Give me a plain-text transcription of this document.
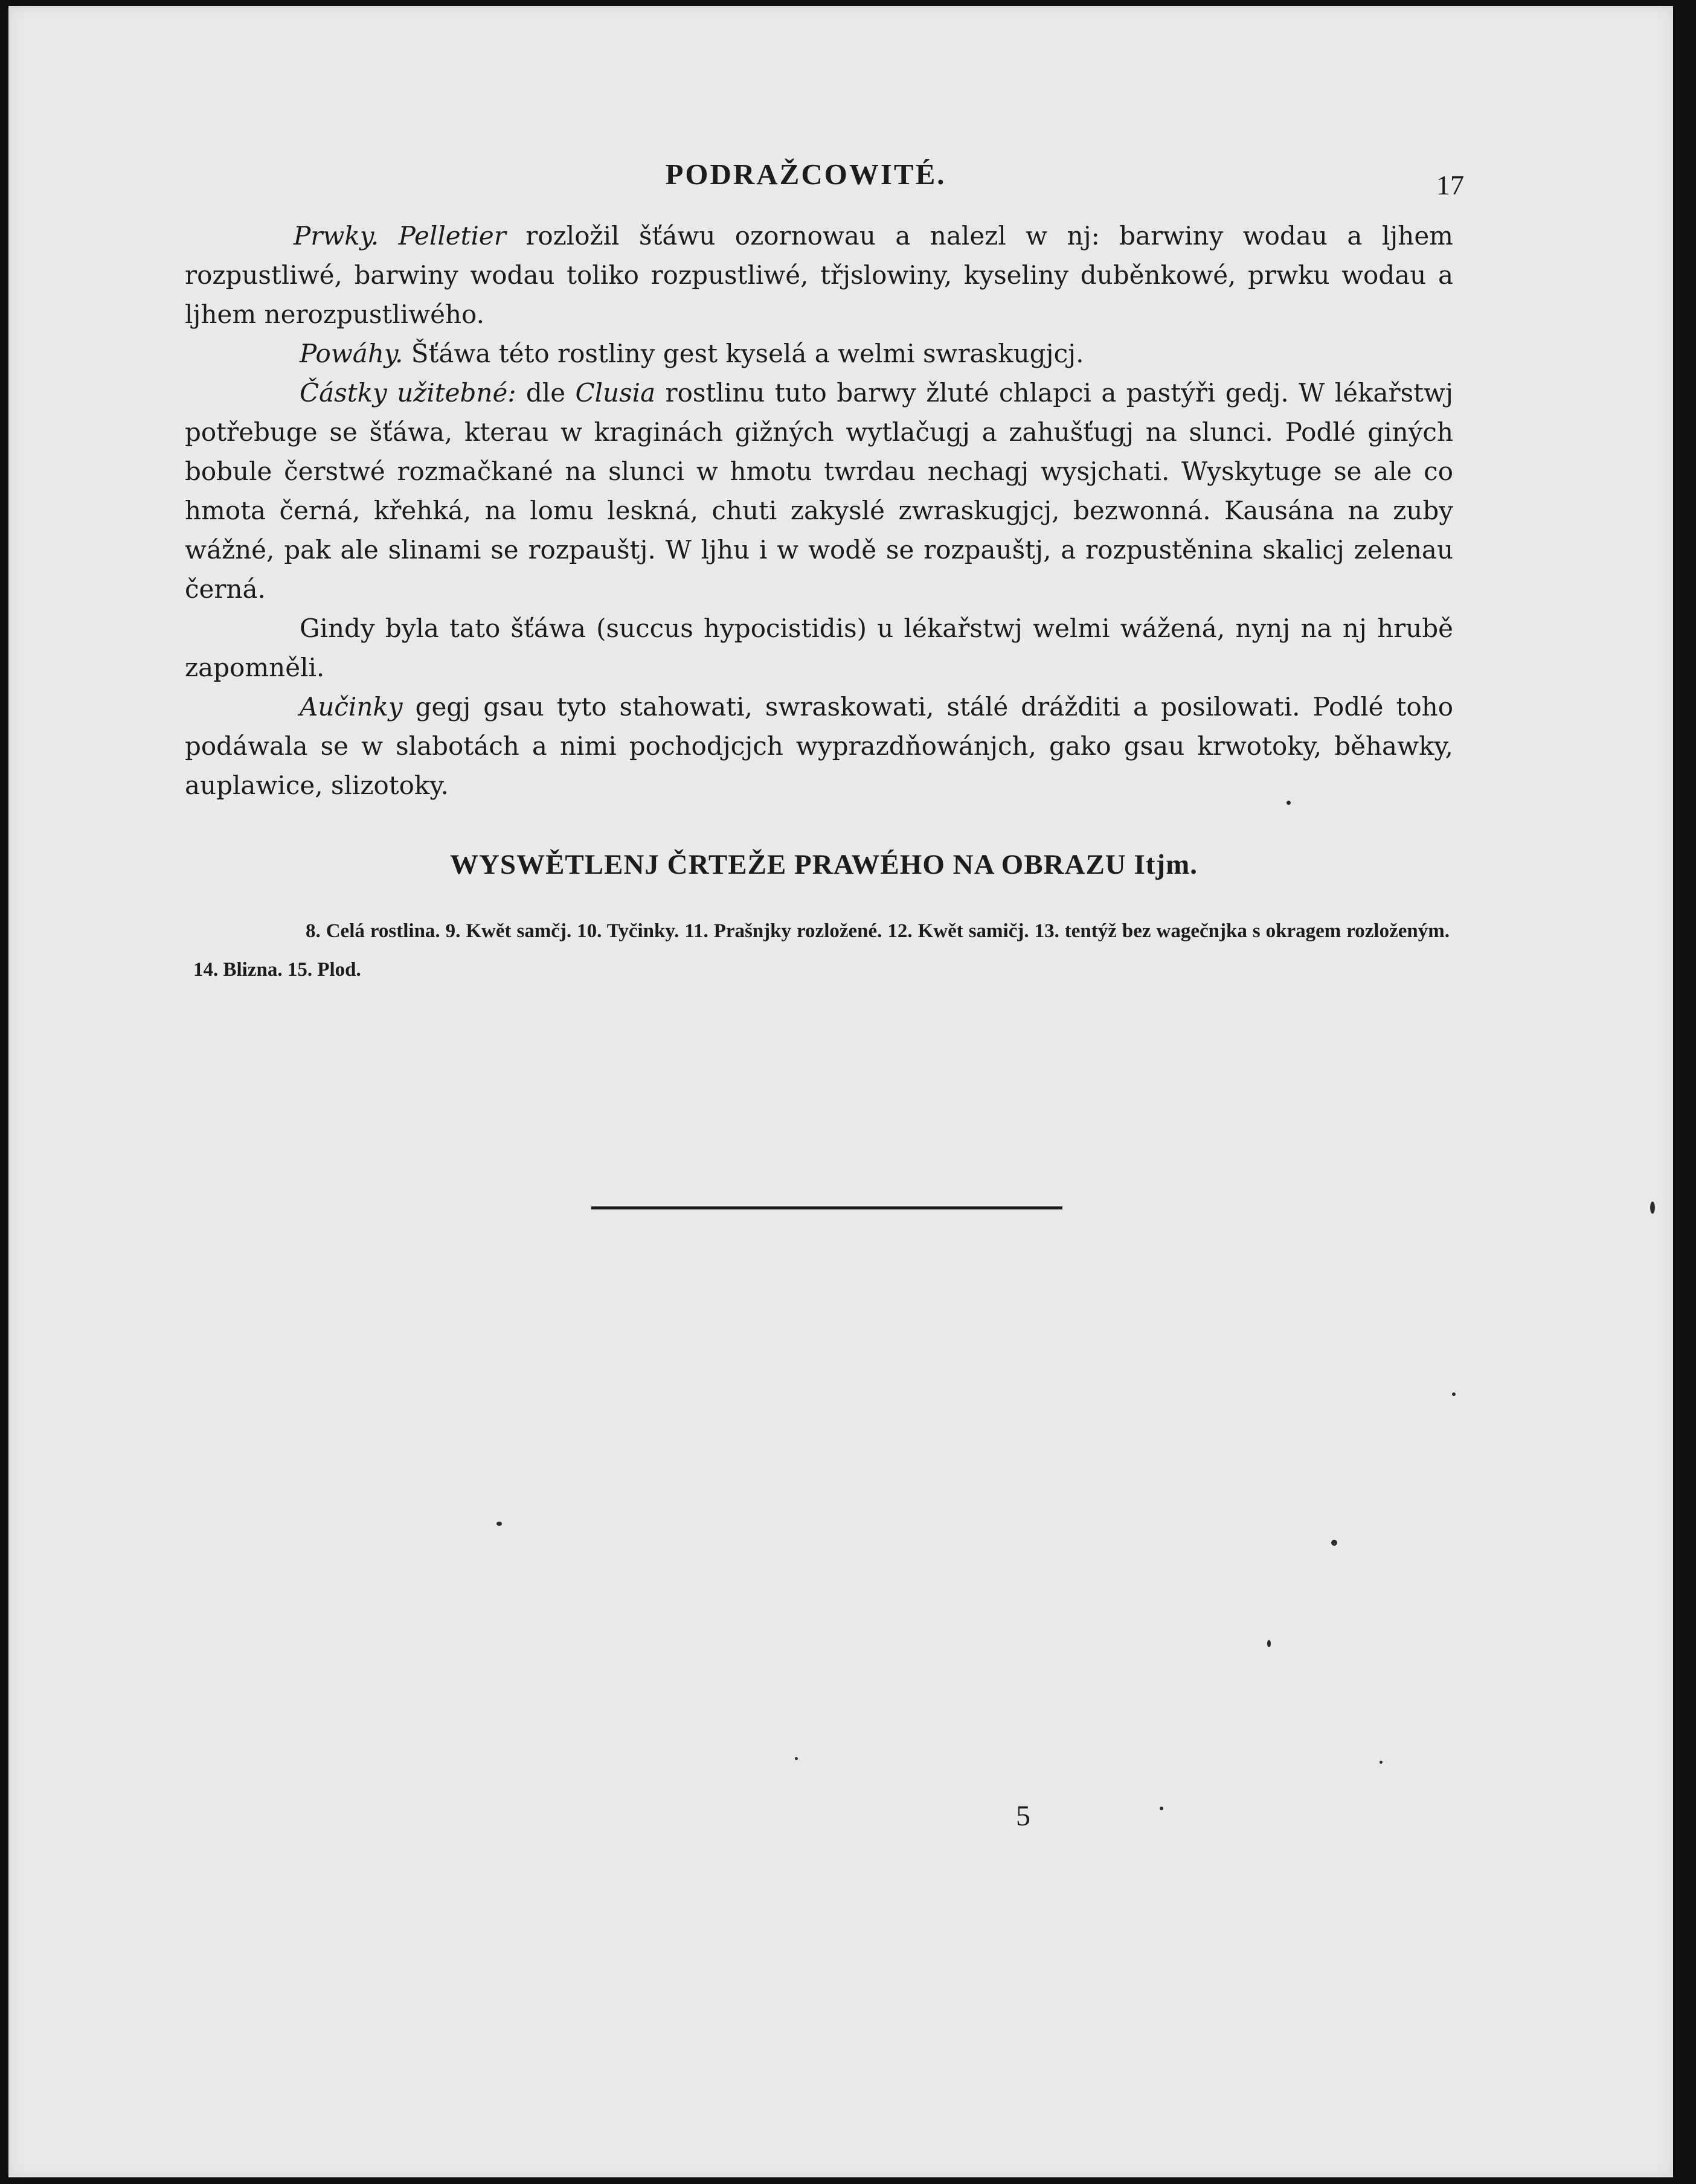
PODRAŽCOWITÉ.	17

Prwky. Pelletier rozložil šťáwu ozornowau a nalezl w nj: barwiny wodau a ljhem rozpustliwé, barwiny wodau toliko rozpustliwé, třjslowiny, kyseliny duběnkowé, prwku wodau a ljhem nerozpustliwého.

Powáhy. Šťáwa této rostliny gest kyselá a welmi swraskugjcj.

Částky užitebné: dle Clusia rostlinu tuto barwy žluté chlapci a pastýři gedj. W lékařstwj potřebuge se šťáwa, kterau w kraginách gižných wytlačugj a zahušťugj na slunci. Podlé giných bobule čerstwé rozmačkané na slunci w hmotu twrdau nechagj wysjchati. Wyskytuge se ale co hmota černá, křehká, na lomu leskná, chuti zakyslé zwraskugjcj, bezwonná. Kausána na zuby wážné, pak ale slinami se rozpauštj. W ljhu i w wodě se rozpauštj, a rozpustěnina skalicj zelenau černá.

Gindy byla tato šťáwa (succus hypocistidis) u lékařstwj welmi wážená, nynj na nj hrubě zapomněli.

Aučinky gegj gsau tyto stahowati, swraskowati, stálé drážditi a posilowati. Podlé toho podáwala se w slabotách a nimi pochodjcjch wyprazdňowánjch, gako gsau krwotoky, běhawky, auplawice, slizotoky.

WYSWĚTLENJ ČRTEŽE PRAWÉHO NA OBRAZU Itjm.

8. Celá rostlina. 9. Kwět samčj. 10. Tyčinky. 11. Prašnjky rozložené. 12. Kwět samičj. 13. tentýž bez wagečnjka s okragem rozloženým. 14. Blizna. 15. Plod.

5
